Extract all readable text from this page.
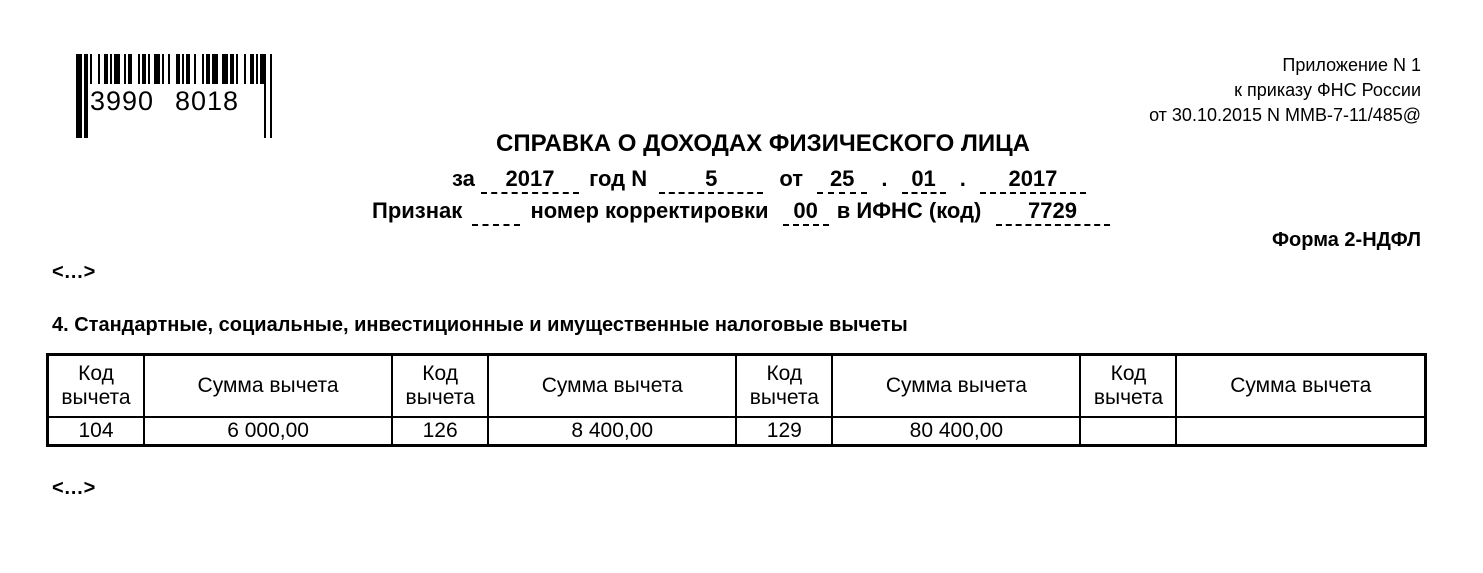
3990 8018
Приложение N 1
к приказу ФНС России
от 30.10.2015 N ММВ-7-11/485@
СПРАВКА О ДОХОДАХ ФИЗИЧЕСКОГО ЛИЦА
за 2017 год N	5	от 25 . 01 . 2017
Признак	номер корректировки 00 в ИФНС (код) 7729
Форма 2-НДФЛ
<…>
<…>
4. Стандартные, социальные, инвестиционные и имущественные налоговые вычеты
Код вычета	Сумма вычета	Код вычета	Сумма вычета	Код вычета	Сумма вычета	Код вычета	Сумма вычета
104	6 000,00	126	8 400,00	129	80 400,00		
